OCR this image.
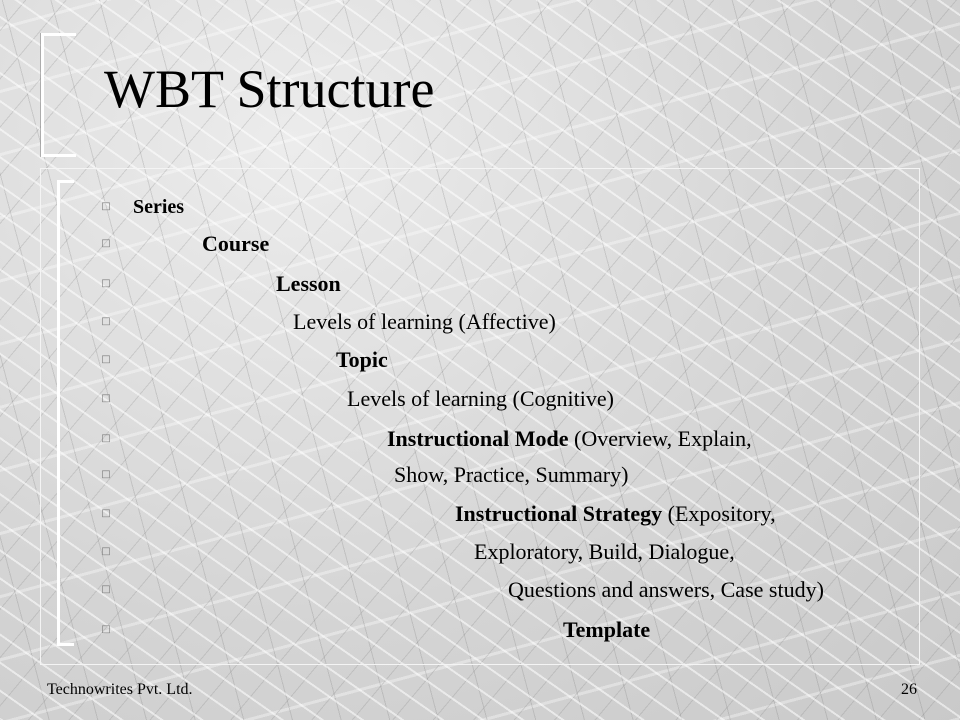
WBT Structure
□
Series
□
Course
□
Lesson
□
Levels of learning (Affective)
□
Topic
□
Levels of learning (Cognitive)
□
Instructional Mode (Overview, Explain,
□
Show, Practice, Summary)
□
Instructional Strategy (Expository,
□
Exploratory, Build, Dialogue,
□
Questions and answers, Case study)
□
Template
Technowrites Pvt. Ltd.	26
